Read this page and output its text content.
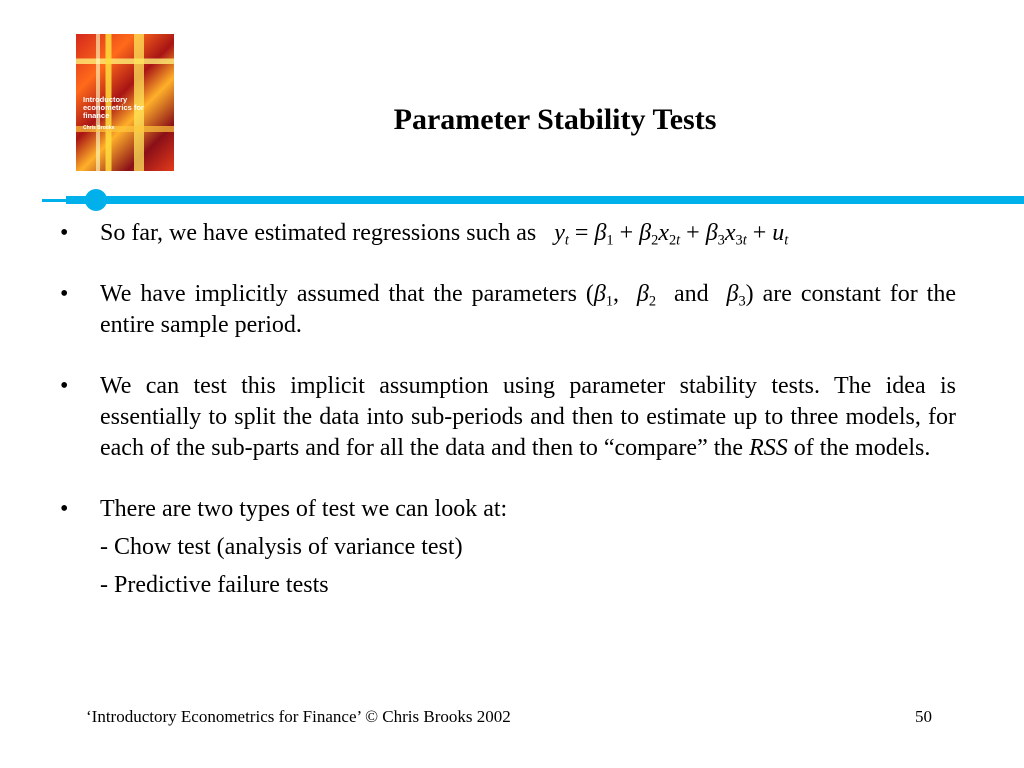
Introductory econometrics for finance
Chris Brooks	Parameter Stability Tests
• So far, we have estimated regressions such as $y_t = \beta_1 + \beta_2x_{2t} + \beta_3x_{3t} + u_t$
• We have implicitly assumed that the parameters ($\beta_1$,  $\beta_2$  and  $\beta_3$) are constant for the entire sample period.
• We can test this implicit assumption using parameter stability tests. The idea is essentially to split the data into sub-periods and then to estimate up to three models, for each of the sub-parts and for all the data and then to “compare” the RSS of the models.
• There are two types of test we can look at:
- Chow test (analysis of variance test)
- Predictive failure tests
‘Introductory Econometrics for Finance’ © Chris Brooks 2002	50
